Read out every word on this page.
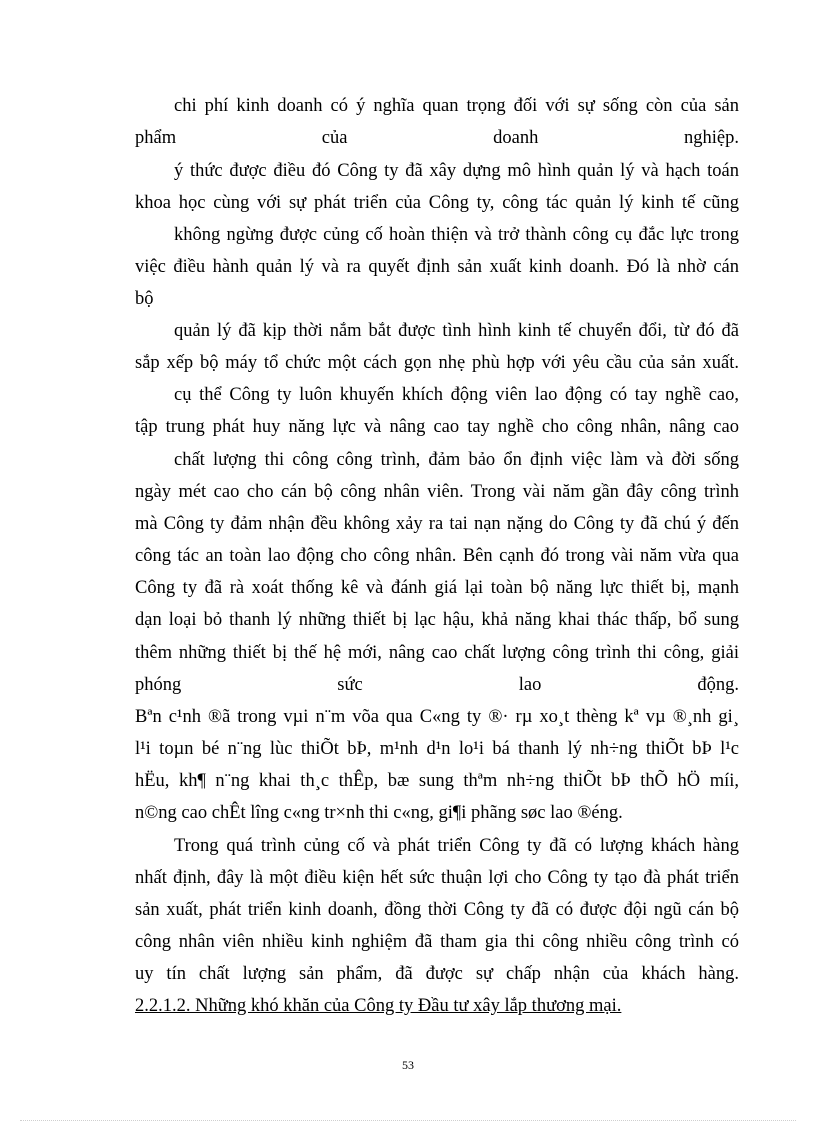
chi phí kinh doanh có ý nghĩa quan trọng đối với sự sống còn của sản
phẩm của doanh nghiệp.
ý thức được điều đó Công ty đã xây dựng mô hình quản lý và hạch toán
khoa học cùng với sự phát triển của Công ty, công tác quản lý kinh tế cũng
không ngừng được củng cố hoàn thiện và trở thành công cụ đắc lực trong
việc điều hành quản lý và ra quyết định sản xuất kinh doanh. Đó là nhờ cán
bộ
quản lý đã kịp thời nắm bắt được tình hình kinh tế chuyển đổi, từ đó đã
sắp xếp bộ máy tổ chức một cách gọn nhẹ phù hợp với yêu cầu của sản xuất.
cụ thể Công ty luôn khuyến khích động viên lao động có tay nghề cao,
tập trung phát huy năng lực và nâng cao tay nghề cho công nhân, nâng cao
chất lượng thi công công trình, đảm bảo ổn định việc làm và đời sống
ngày mét cao cho cán bộ công nhân viên. Trong vài năm gần đây công trình
mà Công ty đảm nhận đều không xảy ra tai nạn nặng do Công ty đã chú ý đến
công tác an toàn lao động cho công nhân. Bên cạnh đó trong vài năm vừa qua
Công ty đã rà xoát thống kê và đánh giá lại toàn bộ năng lực thiết bị, mạnh
dạn loại bỏ thanh lý những thiết bị lạc hậu, khả năng khai thác thấp, bổ sung
thêm những thiết bị thế hệ mới, nâng cao chất lượng công trình thi công, giải
phóng sức lao động.
Bªn c¹nh ®ã trong vµi n¨m võa qua C«ng ty ®· rµ xo¸t thèng kª vµ ®¸nh gi¸
l¹i toµn bé n¨ng lùc thiÕt bÞ, m¹nh d¹n lo¹i bá thanh lý nh÷ng thiÕt bÞ l¹c
hËu, kh¶ n¨ng khai th¸c thÊp, bæ sung thªm nh÷ng thiÕt bÞ thÕ hÖ míi,
n©ng cao chÊt lîng c«ng tr×nh thi c«ng, gi¶i phãng søc lao ®éng.
Trong quá trình củng cố và phát triển Công ty đã có lượng khách hàng
nhất định, đây là một điều kiện hết sức thuận lợi cho Công ty tạo đà phát triển
sản xuất, phát triển kinh doanh, đồng thời Công ty đã có được đội ngũ cán bộ
công nhân viên nhiều kinh nghiệm đã tham gia thi công nhiều công trình có
uy tín chất lượng sản phẩm, đã được sự chấp nhận của khách hàng.
2.2.1.2. Những khó khăn của Công ty Đầu tư xây lắp thương mại.
53
